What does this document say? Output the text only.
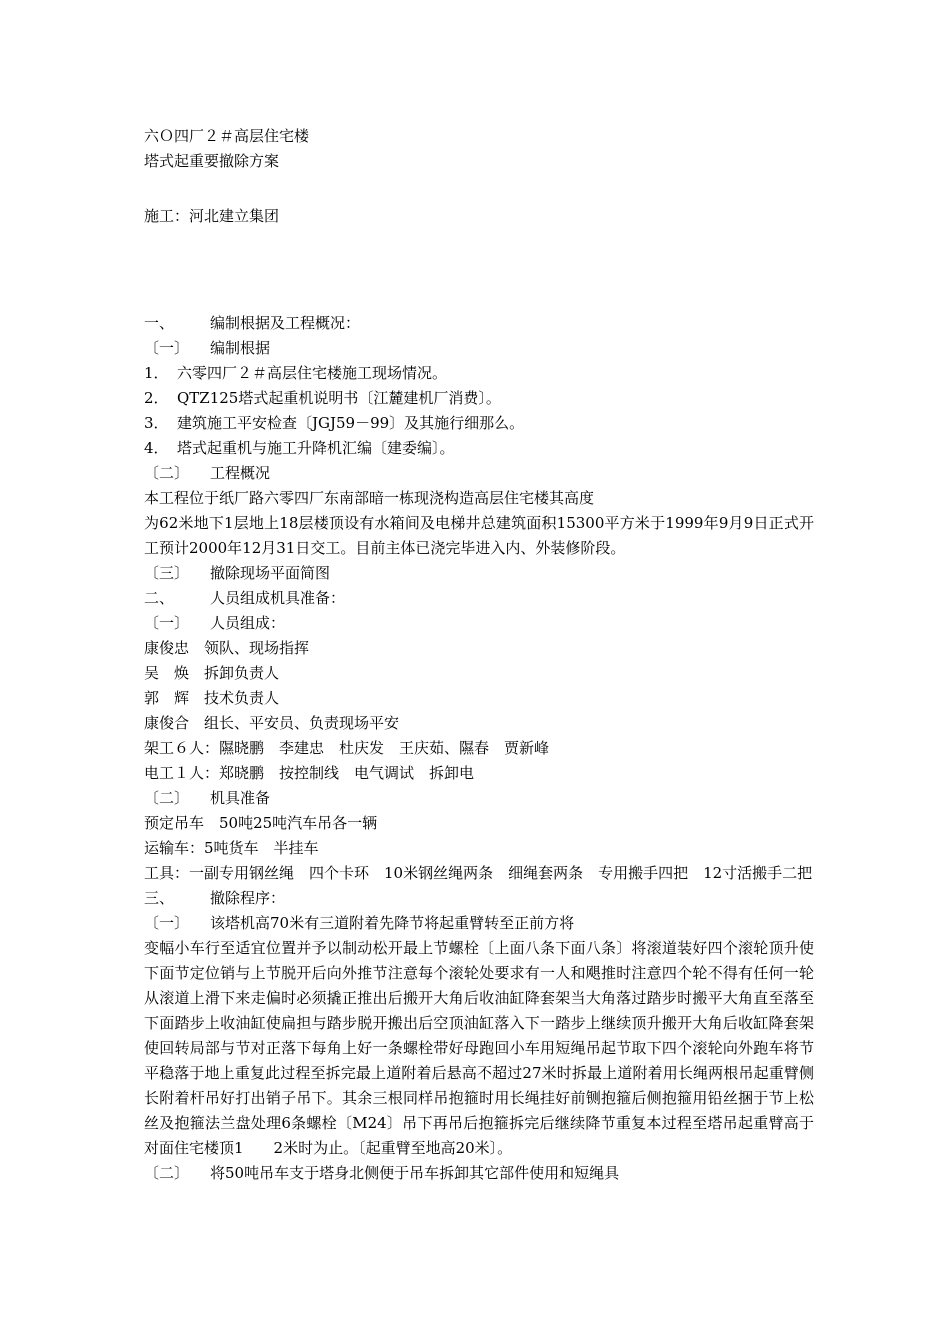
六Ｏ四厂２＃高层住宅楼
塔式起重要撤除方案
施工：河北建立集团
一、 编制根据及工程概况：
〔一〕 编制根据
1． 六零四厂２＃高层住宅楼施工现场情况。
2． QTZ125塔式起重机说明书〔江麓建机厂消费〕。
3． 建筑施工平安检查〔JGJ59－99〕及其施行细那么。
4． 塔式起重机与施工升降机汇编〔建委编〕。
〔二〕 工程概况
本工程位于纸厂路六零四厂东南部暗一栋现浇构造高层住宅楼其高度
为62米地下1层地上18层楼顶设有水箱间及电梯井总建筑面积15300平方米于1999年9月9日正式开工预计2000年12月31日交工。目前主体已浇完毕进入内、外装修阶段。
〔三〕 撤除现场平面简图
二、 人员组成机具准备：
〔一〕 人员组成：
康俊忠　领队、现场指挥
吴　焕　拆卸负责人
郭　辉　技术负责人
康俊合　组长、平安员、负责现场平安
架工６人：隰晓鹏　李建忠　杜庆发　王庆茹、隰春　贾新峰
电工１人：郑晓鹏　按控制线　电气调试　拆卸电
〔二〕 机具准备
预定吊车　50吨25吨汽车吊各一辆
运输车：5吨货车　半挂车
工具：一副专用钢丝绳　四个卡环　10米钢丝绳两条　细绳套两条　专用搬手四把　12寸活搬手二把
三、 撤除程序：
〔一〕 该塔机高70米有三道附着先降节将起重臂转至正前方将
变幅小车行至适宜位置并予以制动松开最上节螺栓〔上面八条下面八条〕将滚道装好四个滚轮顶升使下面节定位销与上节脱开后向外推节注意每个滚轮处要求有一人和飓推时注意四个轮不得有任何一轮从滚道上滑下来走偏时必须撬正推出后搬开大角后收油缸降套架当大角落过踏步时搬平大角直至落至下面踏步上收油缸使扁担与踏步脱开搬出后空顶油缸落入下一踏步上继续顶升搬开大角后收缸降套架使回转局部与节对正落下每角上好一条螺栓带好母跑回小车用短绳吊起节取下四个滚轮向外跑车将节平稳落于地上重复此过程至拆完最上道附着后悬高不超过27米时拆最上道附着用长绳两根吊起重臂侧长附着杆吊好打出销子吊下。其余三根同样吊抱箍时用长绳挂好前铡抱箍后侧抱箍用铅丝捆于节上松丝及抱箍法兰盘处理6条螺栓〔M24〕吊下再吊后抱箍拆完后继续降节重复本过程至塔吊起重臂高于对面住宅楼顶1　　2米时为止。〔起重臂至地高20米〕。
〔二〕 将50吨吊车支于塔身北侧便于吊车拆卸其它部件使用和短绳具
